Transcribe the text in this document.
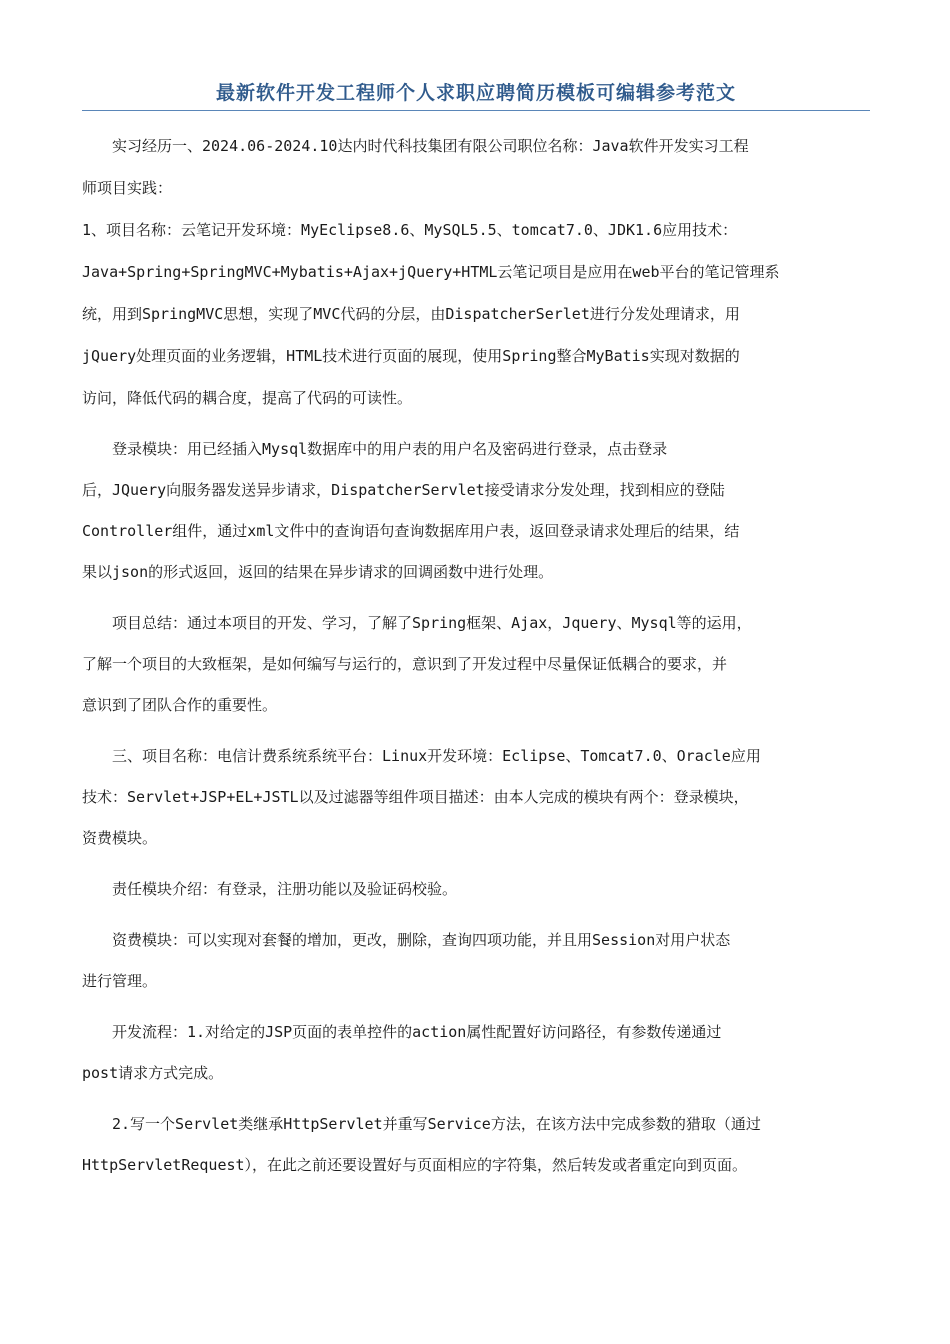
最新软件开发工程师个人求职应聘简历模板可编辑参考范文
　　实习经历一、2024.06-2024.10达内时代科技集团有限公司职位名称：Java软件开发实习工程
师项目实践：
1、项目名称：云笔记开发环境：MyEclipse8.6、MySQL5.5、tomcat7.0、JDK1.6应用技术：
Java+Spring+SpringMVC+Mybatis+Ajax+jQuery+HTML云笔记项目是应用在web平台的笔记管理系
统，用到SpringMVC思想，实现了MVC代码的分层，由DispatcherSerlet进行分发处理请求，用
jQuery处理页面的业务逻辑，HTML技术进行页面的展现，使用Spring整合MyBatis实现对数据的
访问，降低代码的耦合度，提高了代码的可读性。
　　登录模块：用已经插入Mysql数据库中的用户表的用户名及密码进行登录，点击登录
后，JQuery向服务器发送异步请求，DispatcherServlet接受请求分发处理，找到相应的登陆
Controller组件，通过xml文件中的查询语句查询数据库用户表，返回登录请求处理后的结果，结
果以json的形式返回，返回的结果在异步请求的回调函数中进行处理。
　　项目总结：通过本项目的开发、学习，了解了Spring框架、Ajax，Jquery、Mysql等的运用，
了解一个项目的大致框架，是如何编写与运行的，意识到了开发过程中尽量保证低耦合的要求，并
意识到了团队合作的重要性。
　　三、项目名称：电信计费系统系统平台：Linux开发环境：Eclipse、Tomcat7.0、Oracle应用
技术：Servlet+JSP+EL+JSTL以及过滤器等组件项目描述：由本人完成的模块有两个：登录模块，
资费模块。
　　责任模块介绍：有登录，注册功能以及验证码校验。
　　资费模块：可以实现对套餐的增加，更改，删除，查询四项功能，并且用Session对用户状态
进行管理。
　　开发流程：1.对给定的JSP页面的表单控件的action属性配置好访问路径，有参数传递通过
post请求方式完成。
　　2.写一个Servlet类继承HttpServlet并重写Service方法，在该方法中完成参数的猎取（通过
HttpServletRequest），在此之前还要设置好与页面相应的字符集，然后转发或者重定向到页面。
